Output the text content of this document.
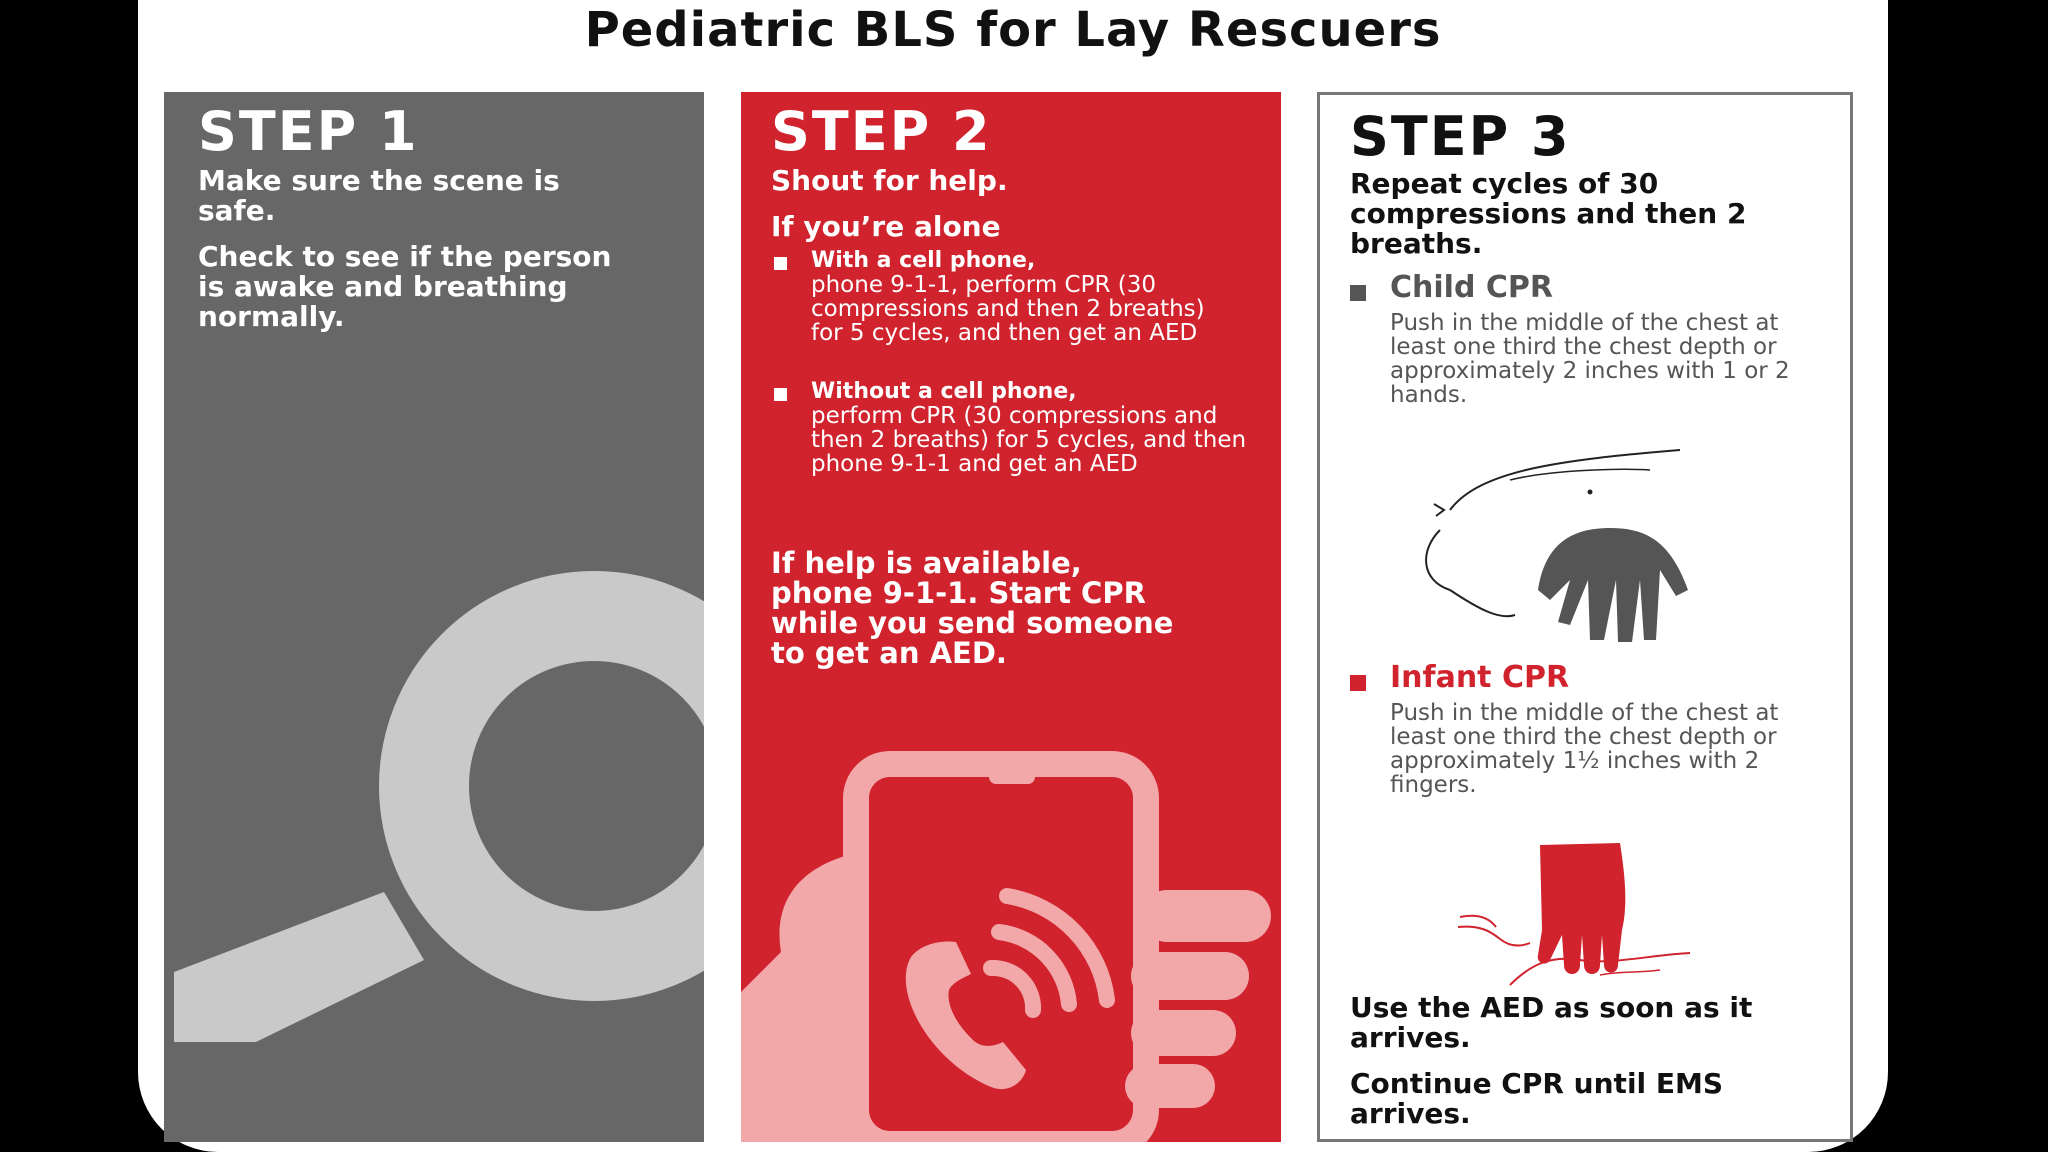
Pediatric BLS for Lay Rescuers
STEP 1
Make sure the scene is safe.
Check to see if the person is awake and breathing normally.
STEP 2
Shout for help.
If you’re alone
With a cell phone,
phone 9-1-1, perform CPR (30 compressions and then 2 breaths) for 5 cycles, and then get an AED
Without a cell phone,
perform CPR (30 compressions and then 2 breaths) for 5 cycles, and then phone 9-1-1 and get an AED
If help is available, phone 9-1-1. Start CPR while you send someone to get an AED.
STEP 3
Repeat cycles of 30 compressions and then 2 breaths.
Child CPR
Push in the middle of the chest at least one third the chest depth or approximately 2 inches with 1 or 2 hands.
Infant CPR
Push in the middle of the chest at least one third the chest depth or approximately 1½ inches with 2 fingers.
Use the AED as soon as it arrives.
Continue CPR until EMS arrives.
